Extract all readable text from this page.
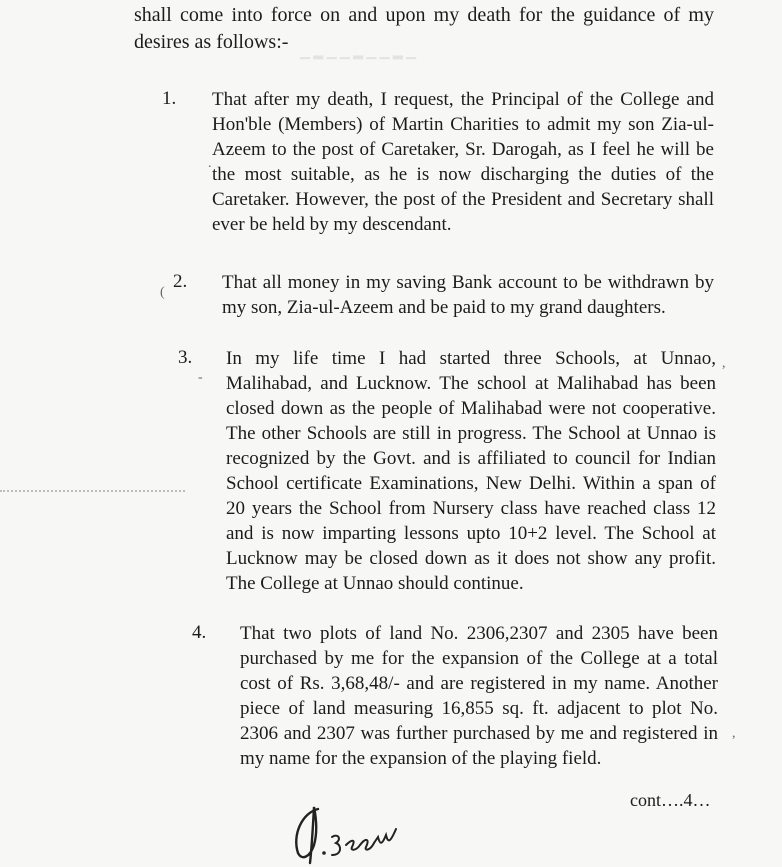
▁ ▂ ▁ ▁ ▂ ▁ ▁ ▂ ▁
shall come into force on and upon my death for the guidance of my desires as follows:-
1. That after my death, I request, the Principal of the College and Hon'ble (Members) of Martin Charities to admit my son Zia-ul-Azeem to the post of Caretaker, Sr. Darogah, as I feel he will be the most suitable, as he is now discharging the duties of the Caretaker. However, the post of the President and Secretary shall ever be held by my descendant.
2. That all money in my saving Bank account to be withdrawn by my son, Zia-ul-Azeem and be paid to my grand daughters.
3. In my life time I had started three Schools, at Unnao, Malihabad, and Lucknow. The school at Malihabad has been closed down as the people of Malihabad were not cooperative. The other Schools are still in progress. The School at Unnao is recognized by the Govt. and is affiliated to council for Indian School certificate Examinations, New Delhi. Within a span of 20 years the School from Nursery class have reached class 12 and is now imparting lessons upto 10+2 level. The School at Lucknow may be closed down as it does not show any profit. The College at Unnao should continue.
4. That two plots of land No. 2306,2307 and 2305 have been purchased by me for the expansion of the College at a total cost of Rs. 3,68,48/- and are registered in my name. Another piece of land measuring 16,855 sq. ft. adjacent to plot No. 2306 and 2307 was further purchased by me and registered in my name for the expansion of the playing field.
.
(
-
,
,
cont….4…
